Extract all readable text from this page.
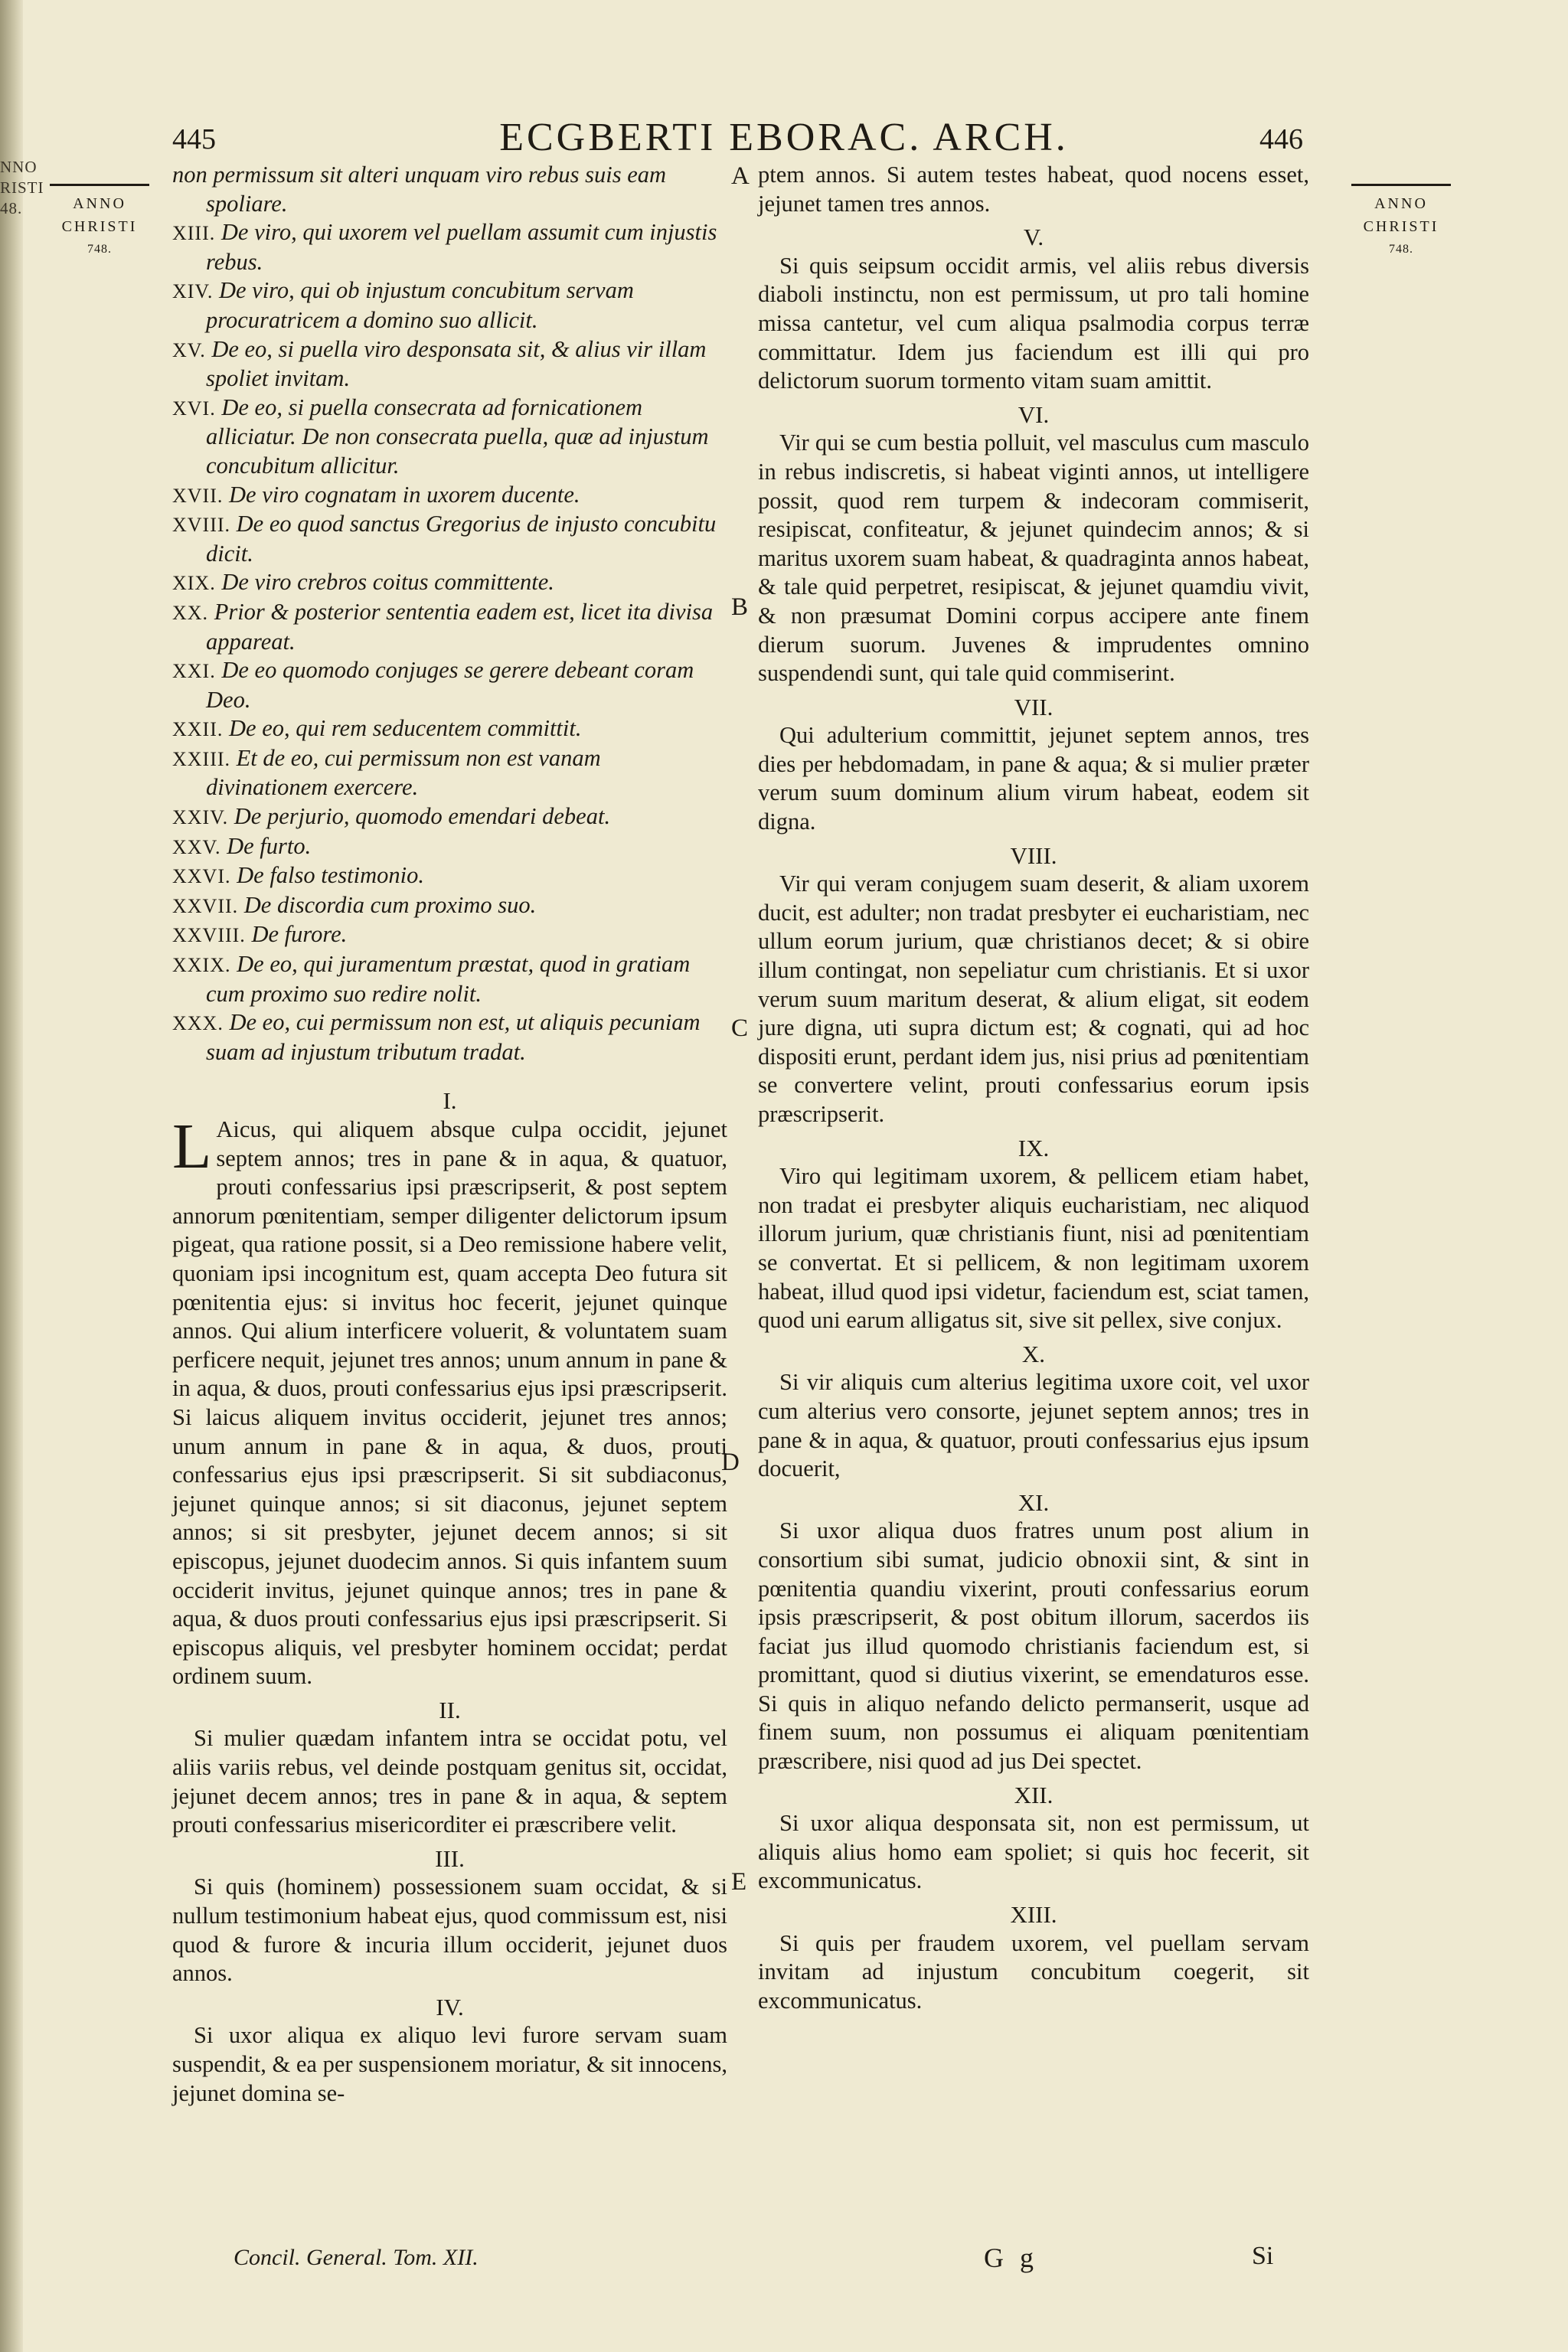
NNO
RISTI
48.
445	ECGBERTI EBORAC. ARCH.	446
ANNO
CHRISTI
748.
ANNO
CHRISTI
748.
A
B
C
D
E
non permissum sit alteri unquam viro rebus suis eam spoliare.
XIII. De viro, qui uxorem vel puellam assumit cum injustis rebus.
XIV. De viro, qui ob injustum concubitum servam procuratricem a domino suo allicit.
XV. De eo, si puella viro desponsata sit, & alius vir illam spoliet invitam.
XVI. De eo, si puella consecrata ad fornicationem alliciatur. De non consecrata puella, quæ ad injustum concubitum allicitur.
XVII. De viro cognatam in uxorem ducente.
XVIII. De eo quod sanctus Gregorius de injusto concubitu dicit.
XIX. De viro crebros coitus committente.
XX. Prior & posterior sententia eadem est, licet ita divisa appareat.
XXI. De eo quomodo conjuges se gerere debeant coram Deo.
XXII. De eo, qui rem seducentem committit.
XXIII. Et de eo, cui permissum non est vanam divinationem exercere.
XXIV. De perjurio, quomodo emendari debeat.
XXV. De furto.
XXVI. De falso testimonio.
XXVII. De discordia cum proximo suo.
XXVIII. De furore.
XXIX. De eo, qui juramentum præstat, quod in gratiam cum proximo suo redire nolit.
XXX. De eo, cui permissum non est, ut aliquis pecuniam suam ad injustum tributum tradat.
I.
L Aicus, qui aliquem absque culpa occidit, jejunet septem annos; tres in pane & in aqua, & quatuor, prouti confessarius ipsi præscripserit, & post septem annorum pœnitentiam, semper diligenter delictorum ipsum pigeat, qua ratione possit, si a Deo remissione habere velit, quoniam ipsi incognitum est, quam accepta Deo futura sit pœnitentia ejus: si invitus hoc fecerit, jejunet quinque annos. Qui alium interficere voluerit, & voluntatem suam perficere nequit, jejunet tres annos; unum annum in pane & in aqua, & duos, prouti confessarius ejus ipsi præscripserit. Si laicus aliquem invitus occiderit, jejunet tres annos; unum annum in pane & in aqua, & duos, prouti confessarius ejus ipsi præscripserit. Si sit subdiaconus, jejunet quinque annos; si sit diaconus, jejunet septem annos; si sit presbyter, jejunet decem annos; si sit episcopus, jejunet duodecim annos. Si quis infantem suum occiderit invitus, jejunet quinque annos; tres in pane & aqua, & duos prouti confessarius ejus ipsi præscripserit. Si episcopus aliquis, vel presbyter hominem occidat; perdat ordinem suum.
II.
Si mulier quædam infantem intra se occidat potu, vel aliis variis rebus, vel deinde postquam genitus sit, occidat, jejunet decem annos; tres in pane & in aqua, & septem prouti confessarius misericorditer ei præscribere velit.
III.
Si quis (hominem) possessionem suam occidat, & si nullum testimonium habeat ejus, quod commissum est, nisi quod & furore & incuria illum occiderit, jejunet duos annos.
IV.
Si uxor aliqua ex aliquo levi furore servam suam suspendit, & ea per suspensionem moriatur, & sit innocens, jejunet domina se-
ptem annos. Si autem testes habeat, quod nocens esset, jejunet tamen tres annos.
V.
Si quis seipsum occidit armis, vel aliis rebus diversis diaboli instinctu, non est permissum, ut pro tali homine missa cantetur, vel cum aliqua psalmodia corpus terræ committatur. Idem jus faciendum est illi qui pro delictorum suorum tormento vitam suam amittit.
VI.
Vir qui se cum bestia polluit, vel masculus cum masculo in rebus indiscretis, si habeat viginti annos, ut intelligere possit, quod rem turpem & indecoram commiserit, resipiscat, confiteatur, & jejunet quindecim annos; & si maritus uxorem suam habeat, & quadraginta annos habeat, & tale quid perpetret, resipiscat, & jejunet quamdiu vivit, & non præsumat Domini corpus accipere ante finem dierum suorum. Juvenes & imprudentes omnino suspendendi sunt, qui tale quid commiserint.
VII.
Qui adulterium committit, jejunet septem annos, tres dies per hebdomadam, in pane & aqua; & si mulier præter verum suum dominum alium virum habeat, eodem sit digna.
VIII.
Vir qui veram conjugem suam deserit, & aliam uxorem ducit, est adulter; non tradat presbyter ei eucharistiam, nec ullum eorum jurium, quæ christianos decet; & si obire illum contingat, non sepeliatur cum christianis. Et si uxor verum suum maritum deserat, & alium eligat, sit eodem jure digna, uti supra dictum est; & cognati, qui ad hoc dispositi erunt, perdant idem jus, nisi prius ad pœnitentiam se convertere velint, prouti confessarius eorum ipsis præscripserit.
IX.
Viro qui legitimam uxorem, & pellicem etiam habet, non tradat ei presbyter aliquis eucharistiam, nec aliquod illorum jurium, quæ christianis fiunt, nisi ad pœnitentiam se convertat. Et si pellicem, & non legitimam uxorem habeat, illud quod ipsi videtur, faciendum est, sciat tamen, quod uni earum alligatus sit, sive sit pellex, sive conjux.
X.
Si vir aliquis cum alterius legitima uxore coit, vel uxor cum alterius vero consorte, jejunet septem annos; tres in pane & in aqua, & quatuor, prouti confessarius ejus ipsum docuerit,
XI.
Si uxor aliqua duos fratres unum post alium in consortium sibi sumat, judicio obnoxii sint, & sint in pœnitentia quandiu vixerint, prouti confessarius eorum ipsis præscripserit, & post obitum illorum, sacerdos iis faciat jus illud quomodo christianis faciendum est, si promittant, quod si diutius vixerint, se emendaturos esse. Si quis in aliquo nefando delicto permanserit, usque ad finem suum, non possumus ei aliquam pœnitentiam præscribere, nisi quod ad jus Dei spectet.
XII.
Si uxor aliqua desponsata sit, non est permissum, ut aliquis alius homo eam spoliet; si quis hoc fecerit, sit excommunicatus.
XIII.
Si quis per fraudem uxorem, vel puellam servam invitam ad injustum concubitum coegerit, sit excommunicatus.
Concil. General. Tom. XII.	G g	Si
